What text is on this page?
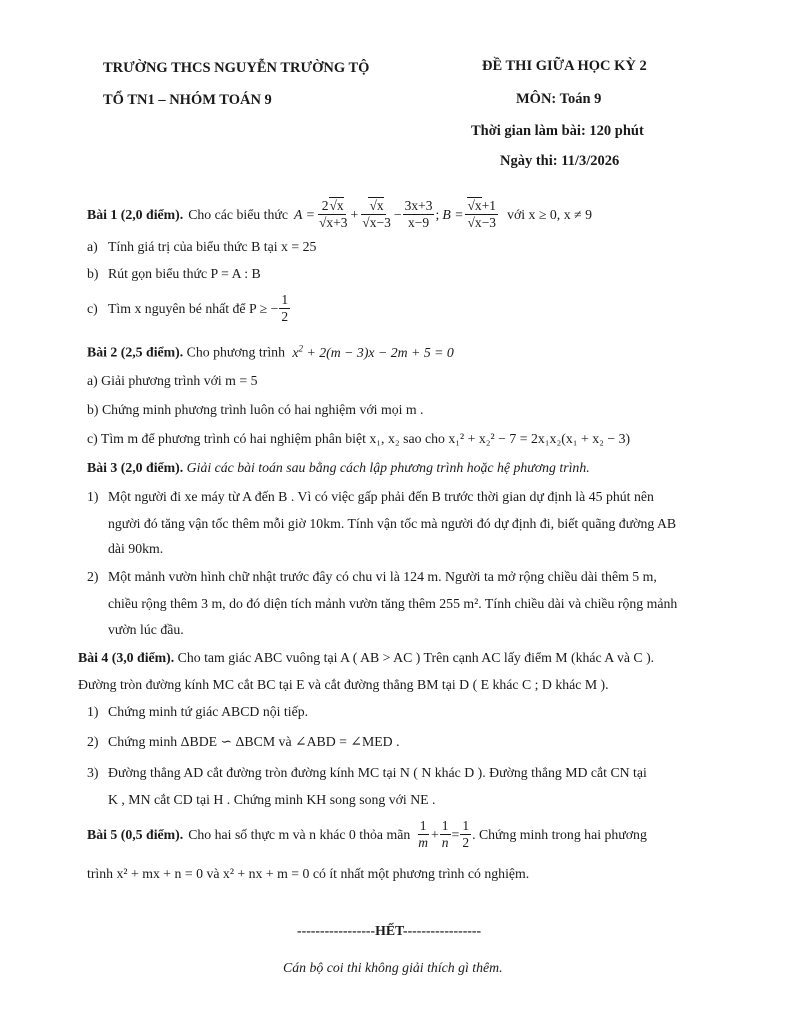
TRƯỜNG THCS NGUYỄN TRƯỜNG TỘ
TỔ TN1 – NHÓM TOÁN 9
ĐỀ THI GIỮA HỌC KỲ 2
MÔN: Toán 9
Thời gian làm bài: 120 phút
Ngày thi: 11/3/2026
Bài 1 (2,0 điểm). Cho các biểu thức $A = \frac{2√x}{√x+3} + \frac{√x}{√x-3} - \frac{3x+3}{x-9}$ ; $B = \frac{√x+1}{√x-3}$ với x ≥ 0, x ≠ 9
a) Tính giá trị của biểu thức B tại x = 25
b) Rút gọn biểu thức P = A : B
c) Tìm x nguyên bé nhất để P ≥ − $\frac{1}{2}$
Bài 2 (2,5 điểm). Cho phương trình $x^2 + 2(m - 3)x - 2m + 5 = 0$
a) Giải phương trình với m = 5
b) Chứng minh phương trình luôn có hai nghiệm với mọi m .
c) Tìm m để phương trình có hai nghiệm phân biệt x₁, x₂ sao cho x₁² + x₂² − 7 = 2x₁x₂(x₁ + x₂ − 3)
Bài 3 (2,0 điểm). Giải các bài toán sau bằng cách lập phương trình hoặc hệ phương trình.
1) Một người đi xe máy từ A đến B . Vì có việc gấp phải đến B trước thời gian dự định là 45 phút nên
người đó tăng vận tốc thêm mỗi giờ 10km. Tính vận tốc mà người đó dự định đi, biết quãng đường AB
dài 90km.
2) Một mảnh vườn hình chữ nhật trước đây có chu vi là 124 m. Người ta mở rộng chiều dài thêm 5 m,
chiều rộng thêm 3 m, do đó diện tích mảnh vườn tăng thêm 255 m². Tính chiều dài và chiều rộng mảnh
vườn lúc đầu.
Bài 4 (3,0 điểm). Cho tam giác ABC vuông tại A ( AB > AC ) Trên cạnh AC lấy điểm M (khác A và C ).
Đường tròn đường kính MC cắt BC tại E và cắt đường thẳng BM tại D ( E khác C ; D khác M ).
1) Chứng minh tứ giác ABCD nội tiếp.
2) Chứng minh ΔBDE ∽ ΔBCM và ∠ABD = ∠MED .
3) Đường thẳng AD cắt đường tròn đường kính MC tại N ( N khác D ). Đường thẳng MD cắt CN tại
K , MN cắt CD tại H . Chứng minh KH song song với NE .
Bài 5 (0,5 điểm). Cho hai số thực m và n khác 0 thỏa mãn $\frac{1}{m} + \frac{1}{n} = \frac{1}{2}$ . Chứng minh trong hai phương
trình x² + mx + n = 0 và x² + nx + m = 0 có ít nhất một phương trình có nghiệm.
-----------------HẾT-----------------
Cán bộ coi thi không giải thích gì thêm.
